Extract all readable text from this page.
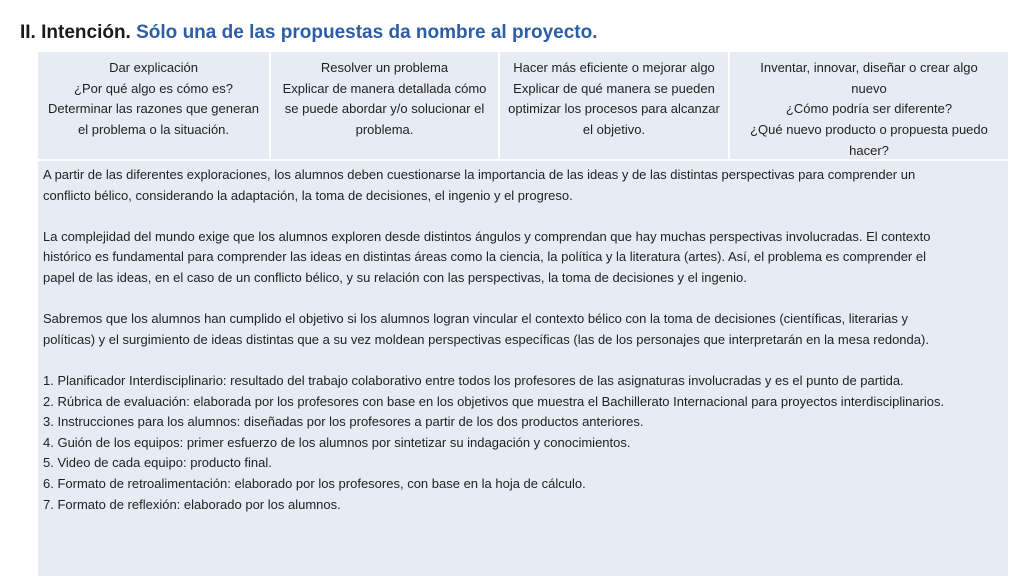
II. Intención. Sólo una de las propuestas da nombre al proyecto.
Dar explicación
¿Por qué algo es cómo es?
Determinar las razones que generan
el problema o la situación.
Resolver un problema
Explicar de manera detallada cómo
se puede abordar y/o solucionar el
problema.
Hacer más eficiente o mejorar algo
Explicar de qué manera se pueden
optimizar los procesos para alcanzar
el objetivo.
Inventar, innovar, diseñar o crear algo
nuevo
¿Cómo podría ser diferente?
¿Qué nuevo producto o propuesta puedo
hacer?

A partir de las diferentes exploraciones, los alumnos deben cuestionarse la importancia de las ideas y de las distintas perspectivas para comprender un

conflicto bélico, considerando la adaptación, la toma de decisiones, el ingenio y el progreso.

La complejidad del mundo exige que los alumnos exploren desde distintos ángulos y comprendan que hay muchas perspectivas involucradas. El contexto

histórico es fundamental para comprender las ideas en distintas áreas como la ciencia, la política y la literatura (artes). Así, el problema es comprender el

papel de las ideas, en el caso de un conflicto bélico, y su relación con las perspectivas, la toma de decisiones y el ingenio.

Sabremos que los alumnos han cumplido el objetivo si los alumnos logran vincular el contexto bélico con la toma de decisiones (científicas, literarias y

políticas) y el surgimiento de ideas distintas que a su vez moldean perspectivas específicas (las de los personajes que interpretarán en la mesa redonda).

1. Planificador Interdisciplinario: resultado del trabajo colaborativo entre todos los profesores de las asignaturas involucradas y es el punto de partida.

2. Rúbrica de evaluación: elaborada por los profesores con base en los objetivos que muestra el Bachillerato Internacional para proyectos interdisciplinarios.

3. Instrucciones para los alumnos: diseñadas por los profesores a partir de los dos productos anteriores.

4. Guión de los equipos: primer esfuerzo de los alumnos por sintetizar su indagación y conocimientos.

5. Video de cada equipo: producto final.

6. Formato de retroalimentación: elaborado por los profesores, con base en la hoja de cálculo.

7. Formato de reflexión: elaborado por los alumnos.
